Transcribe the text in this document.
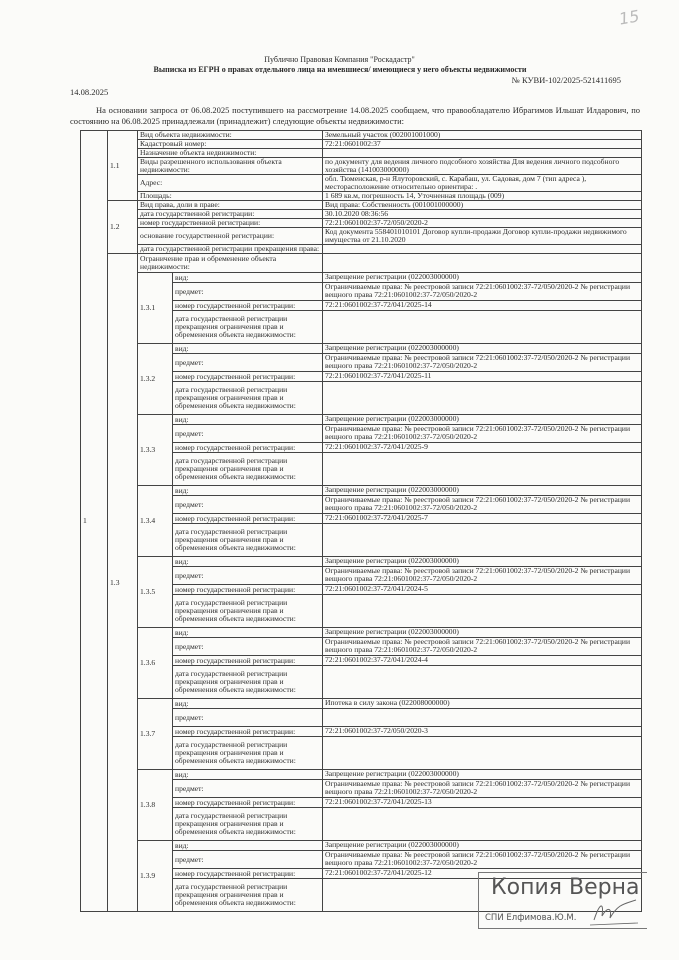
15
Публично Правовая Компания "Роскадастр"
Выписка из ЕГРН о правах отдельного лица на имевшиеся/ имеющиеся у него объекты недвижимости
№ КУВИ-102/2025-521411695
14.08.2025
На основании запроса от 06.08.2025 поступившего на рассмотрение 14.08.2025 сообщаем, что правообладателю Ибрагимов Ильшат Илдарович, по состоянию на 06.08.2025 принадлежали (принадлежит) следующие объекты недвижимости:
1	1.1	Вид объекта недвижимости:		Земельный участок (002001001000)
		Кадастровый номер:		72:21:0601002:37
		Назначение объекта недвижимости:		
		Виды разрешенного использования объекта недвижимости:		по документу для ведения личного подсобного хозяйства Для ведения личного подсобного хозяйства (141003000000)
		Адрес:		обл. Тюменская, р-н Ялуторовский, с. Карабаш, ул. Садовая, дом 7 (тип адреса ), месторасположение относительно ориентира: .
		Площадь:		1 689 кв.м, погрешность 14, Уточненная площадь (009)
	1.2	Вид права, доли в праве:		Вид права: Собственность (001001000000)
		дата государственной регистрации:		30.10.2020 08:36:56
		номер государственной регистрации:		72:21:0601002:37-72/050/2020-2
		основание государственной регистрации:		Код документа 558401010101 Договор купли-продажи Договор купли-продажи недвижимого имущества от 21.10.2020
		дата государственной регистрации прекращения права:		
	1.3	Ограничение прав и обременение объекта недвижимости:		
		1.3.1	вид:	Запрещение регистрации (022003000000)
			предмет:	Ограничиваемые права: № реестровой записи 72:21:0601002:37-72/050/2020-2 № регистрации вещного права 72:21:0601002:37-72/050/2020-2
			номер государственной регистрации:	72:21:0601002:37-72/041/2025-14
			дата государственной регистрации прекращения ограничения прав и обременения объекта недвижимости:	
		1.3.2	вид:	Запрещение регистрации (022003000000)
			предмет:	Ограничиваемые права: № реестровой записи 72:21:0601002:37-72/050/2020-2 № регистрации вещного права 72:21:0601002:37-72/050/2020-2
			номер государственной регистрации:	72:21:0601002:37-72/041/2025-11
			дата государственной регистрации прекращения ограничения прав и обременения объекта недвижимости:	
		1.3.3	вид:	Запрещение регистрации (022003000000)
			предмет:	Ограничиваемые права: № реестровой записи 72:21:0601002:37-72/050/2020-2 № регистрации вещного права 72:21:0601002:37-72/050/2020-2
			номер государственной регистрации:	72:21:0601002:37-72/041/2025-9
			дата государственной регистрации прекращения ограничения прав и обременения объекта недвижимости:	
		1.3.4	вид:	Запрещение регистрации (022003000000)
			предмет:	Ограничиваемые права: № реестровой записи 72:21:0601002:37-72/050/2020-2 № регистрации вещного права 72:21:0601002:37-72/050/2020-2
			номер государственной регистрации:	72:21:0601002:37-72/041/2025-7
			дата государственной регистрации прекращения ограничения прав и обременения объекта недвижимости:	
		1.3.5	вид:	Запрещение регистрации (022003000000)
			предмет:	Ограничиваемые права: № реестровой записи 72:21:0601002:37-72/050/2020-2 № регистрации вещного права 72:21:0601002:37-72/050/2020-2
			номер государственной регистрации:	72:21:0601002:37-72/041/2024-5
			дата государственной регистрации прекращения ограничения прав и обременения объекта недвижимости:	
		1.3.6	вид:	Запрещение регистрации (022003000000)
			предмет:	Ограничиваемые права: № реестровой записи 72:21:0601002:37-72/050/2020-2 № регистрации вещного права 72:21:0601002:37-72/050/2020-2
			номер государственной регистрации:	72:21:0601002:37-72/041/2024-4
			дата государственной регистрации прекращения ограничения прав и обременения объекта недвижимости:	
		1.3.7	вид:	Ипотека в силу закона (022008000000)
			предмет:	
			номер государственной регистрации:	72:21:0601002:37-72/050/2020-3
			дата государственной регистрации прекращения ограничения прав и обременения объекта недвижимости:	
		1.3.8	вид:	Запрещение регистрации (022003000000)
			предмет:	Ограничиваемые права: № реестровой записи 72:21:0601002:37-72/050/2020-2 № регистрации вещного права 72:21:0601002:37-72/050/2020-2
			номер государственной регистрации:	72:21:0601002:37-72/041/2025-13
			дата государственной регистрации прекращения ограничения прав и обременения объекта недвижимости:	
		1.3.9	вид:	Запрещение регистрации (022003000000)
			предмет:	Ограничиваемые права: № реестровой записи 72:21:0601002:37-72/050/2020-2 № регистрации вещного права 72:21:0601002:37-72/050/2020-2
			номер государственной регистрации:	72:21:0601002:37-72/041/2025-12
			дата государственной регистрации прекращения ограничения прав и обременения объекта недвижимости:	
Копия Верна
СПИ Елфимова.Ю.М.
